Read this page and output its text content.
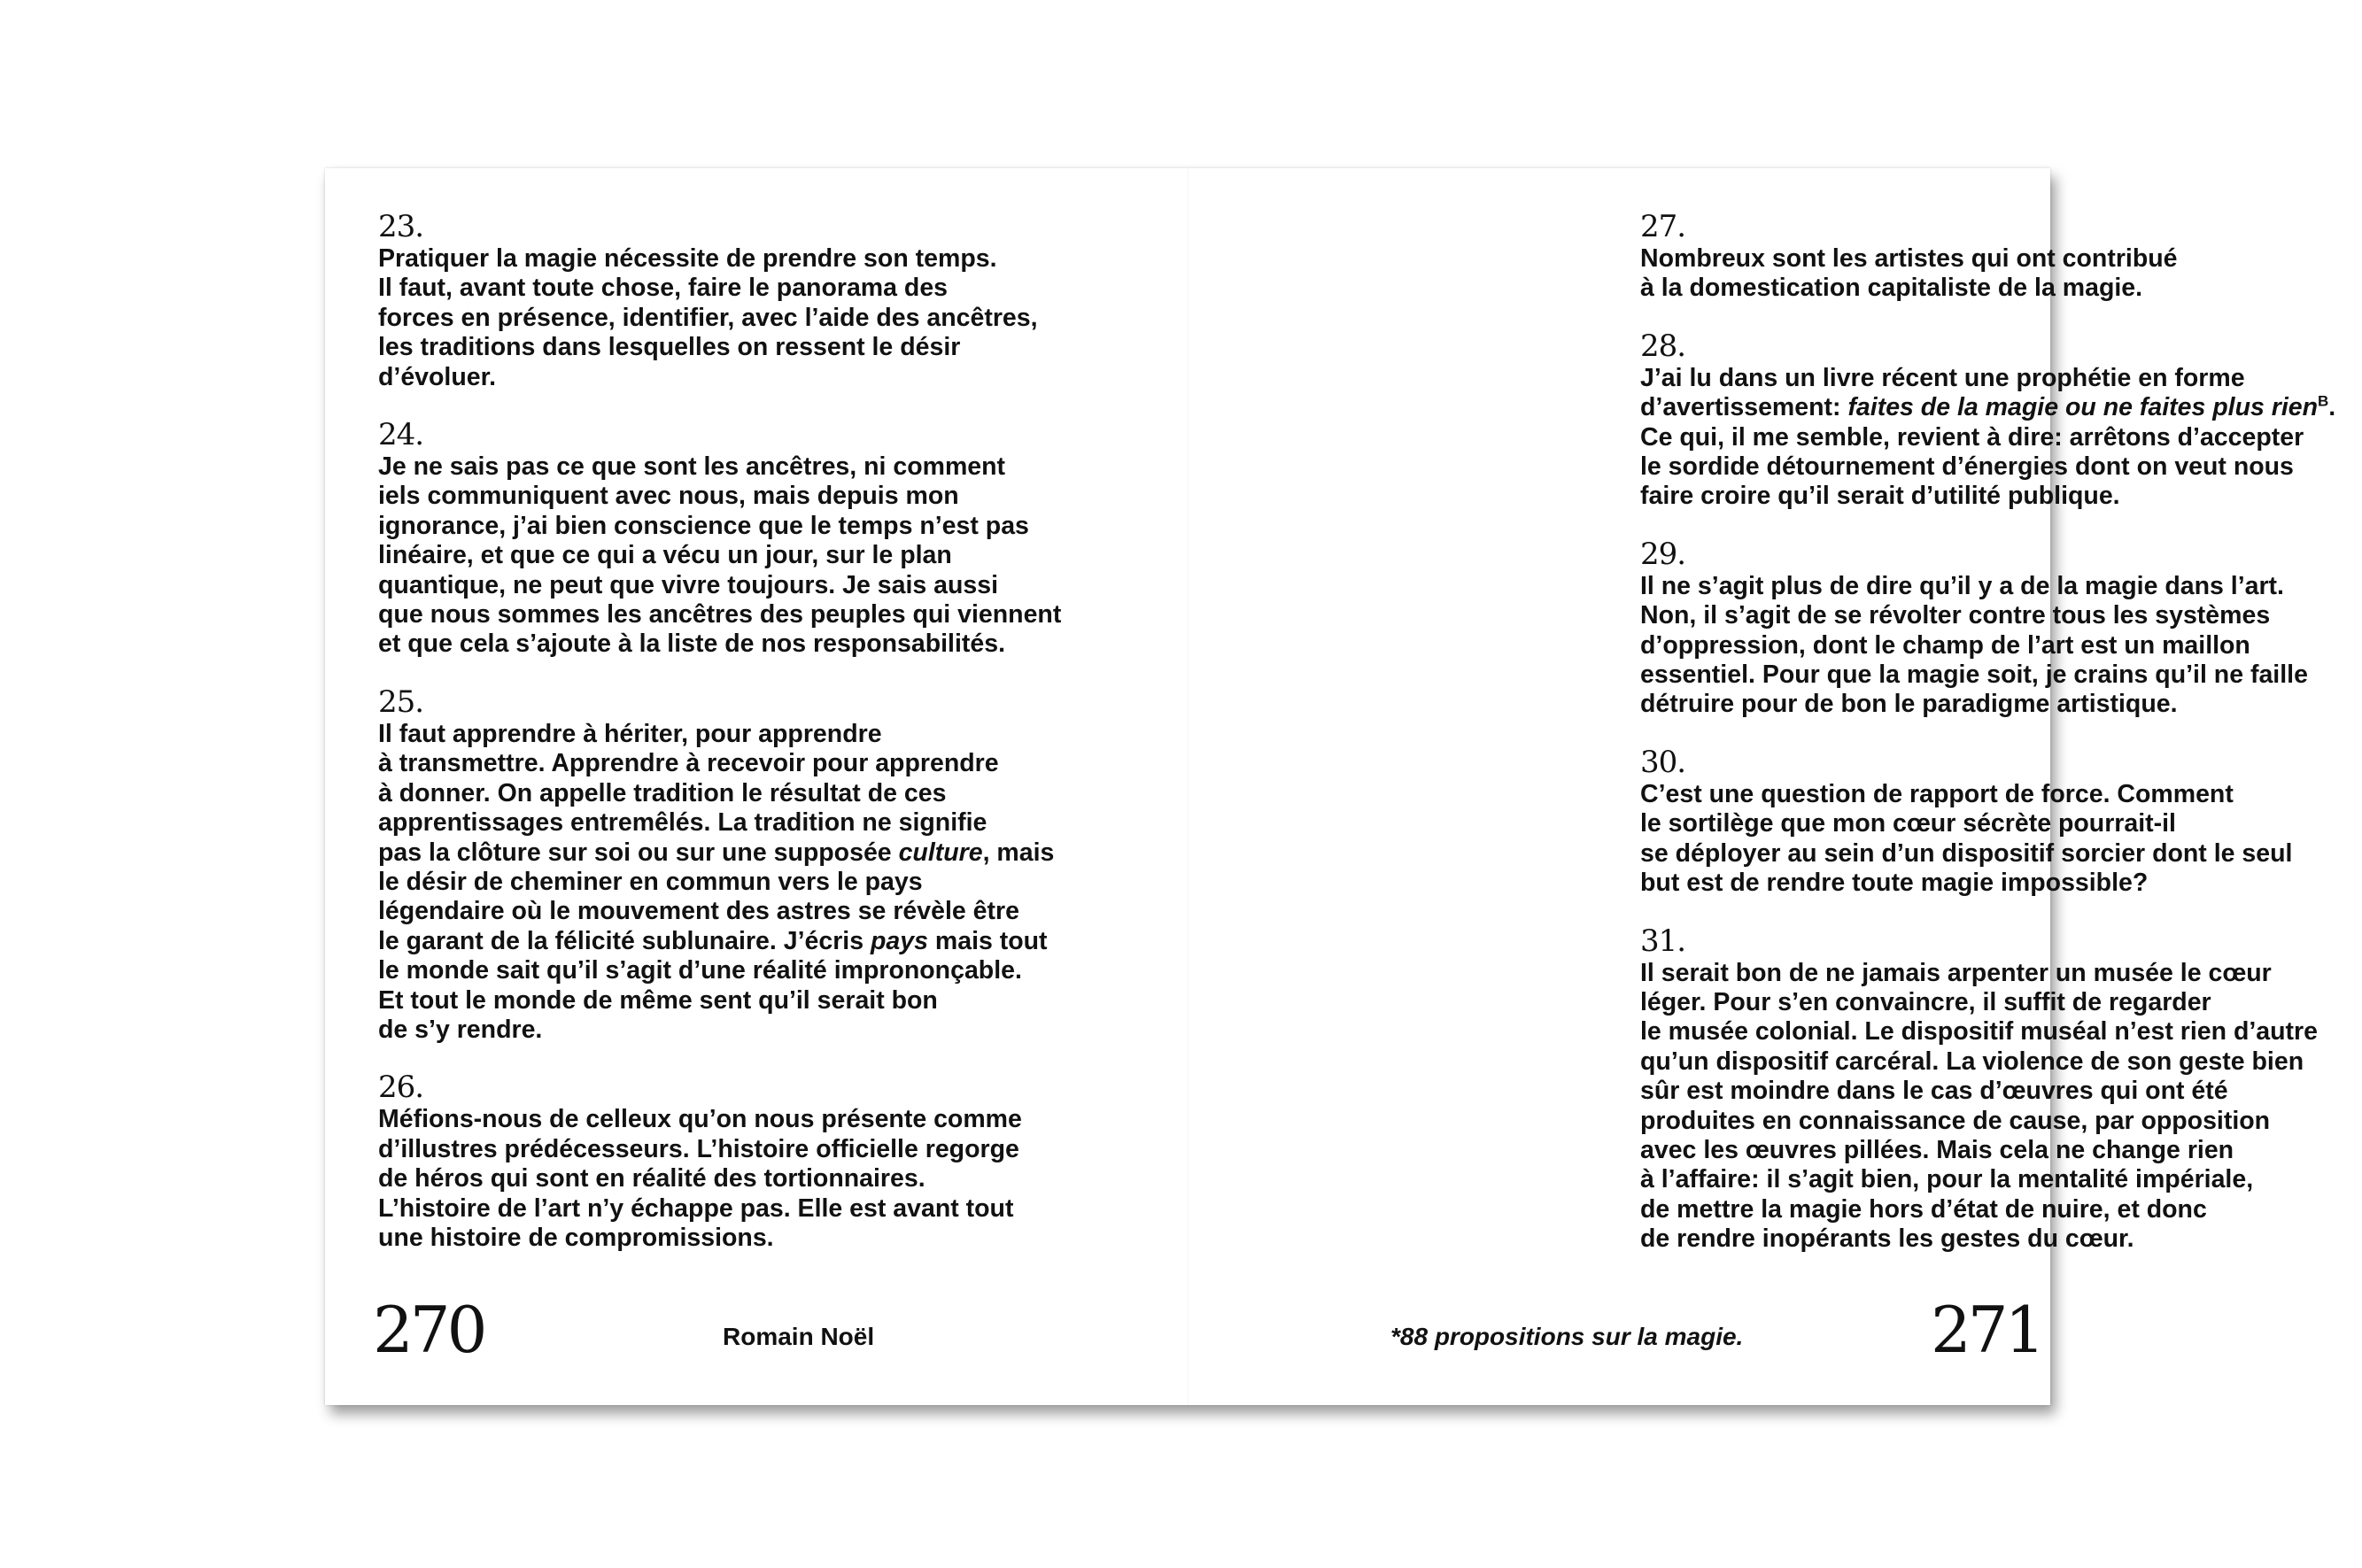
23.
Pratiquer la magie nécessite de prendre son temps.
Il faut, avant toute chose, faire le panorama des
forces en présence, identifier, avec l’aide des ancêtres,
les traditions dans lesquelles on ressent le désir
d’évoluer.
24.
Je ne sais pas ce que sont les ancêtres, ni comment
iels communiquent avec nous, mais depuis mon
ignorance, j’ai bien conscience que le temps n’est pas
linéaire, et que ce qui a vécu un jour, sur le plan
quantique, ne peut que vivre toujours. Je sais aussi
que nous sommes les ancêtres des peuples qui viennent
et que cela s’ajoute à la liste de nos responsabilités.
25.
Il faut apprendre à hériter, pour apprendre
à transmettre. Apprendre à recevoir pour apprendre
à donner. On appelle tradition le résultat de ces
apprentissages entremêlés. La tradition ne signifie
pas la clôture sur soi ou sur une supposée culture, mais
le désir de cheminer en commun vers le pays
légendaire où le mouvement des astres se révèle être
le garant de la félicité sublunaire. J’écris pays mais tout
le monde sait qu’il s’agit d’une réalité imprononçable.
Et tout le monde de même sent qu’il serait bon
de s’y rendre.
26.
Méfions-nous de celleux qu’on nous présente comme
d’illustres prédécesseurs. L’histoire officielle regorge
de héros qui sont en réalité des tortionnaires.
L’histoire de l’art n’y échappe pas. Elle est avant tout
une histoire de compromissions.
270	Romain Noël
27.
Nombreux sont les artistes qui ont contribué
à la domestication capitaliste de la magie.
28.
J’ai lu dans un livre récent une prophétie en forme
d’avertissement: faites de la magie ou ne faites plus rien$^B$.
Ce qui, il me semble, revient à dire: arrêtons d’accepter
le sordide détournement d’énergies dont on veut nous
faire croire qu’il serait d’utilité publique.
29.
Il ne s’agit plus de dire qu’il y a de la magie dans l’art.
Non, il s’agit de se révolter contre tous les systèmes
d’oppression, dont le champ de l’art est un maillon
essentiel. Pour que la magie soit, je crains qu’il ne faille
détruire pour de bon le paradigme artistique.
30.
C’est une question de rapport de force. Comment
le sortilège que mon cœur sécrète pourrait-il
se déployer au sein d’un dispositif sorcier dont le seul
but est de rendre toute magie impossible?
31.
Il serait bon de ne jamais arpenter un musée le cœur
léger. Pour s’en convaincre, il suffit de regarder
le musée colonial. Le dispositif muséal n’est rien d’autre
qu’un dispositif carcéral. La violence de son geste bien
sûr est moindre dans le cas d’œuvres qui ont été
produites en connaissance de cause, par opposition
avec les œuvres pillées. Mais cela ne change rien
à l’affaire: il s’agit bien, pour la mentalité impériale,
de mettre la magie hors d’état de nuire, et donc
de rendre inopérants les gestes du cœur.
*88 propositions sur la magie.	271
